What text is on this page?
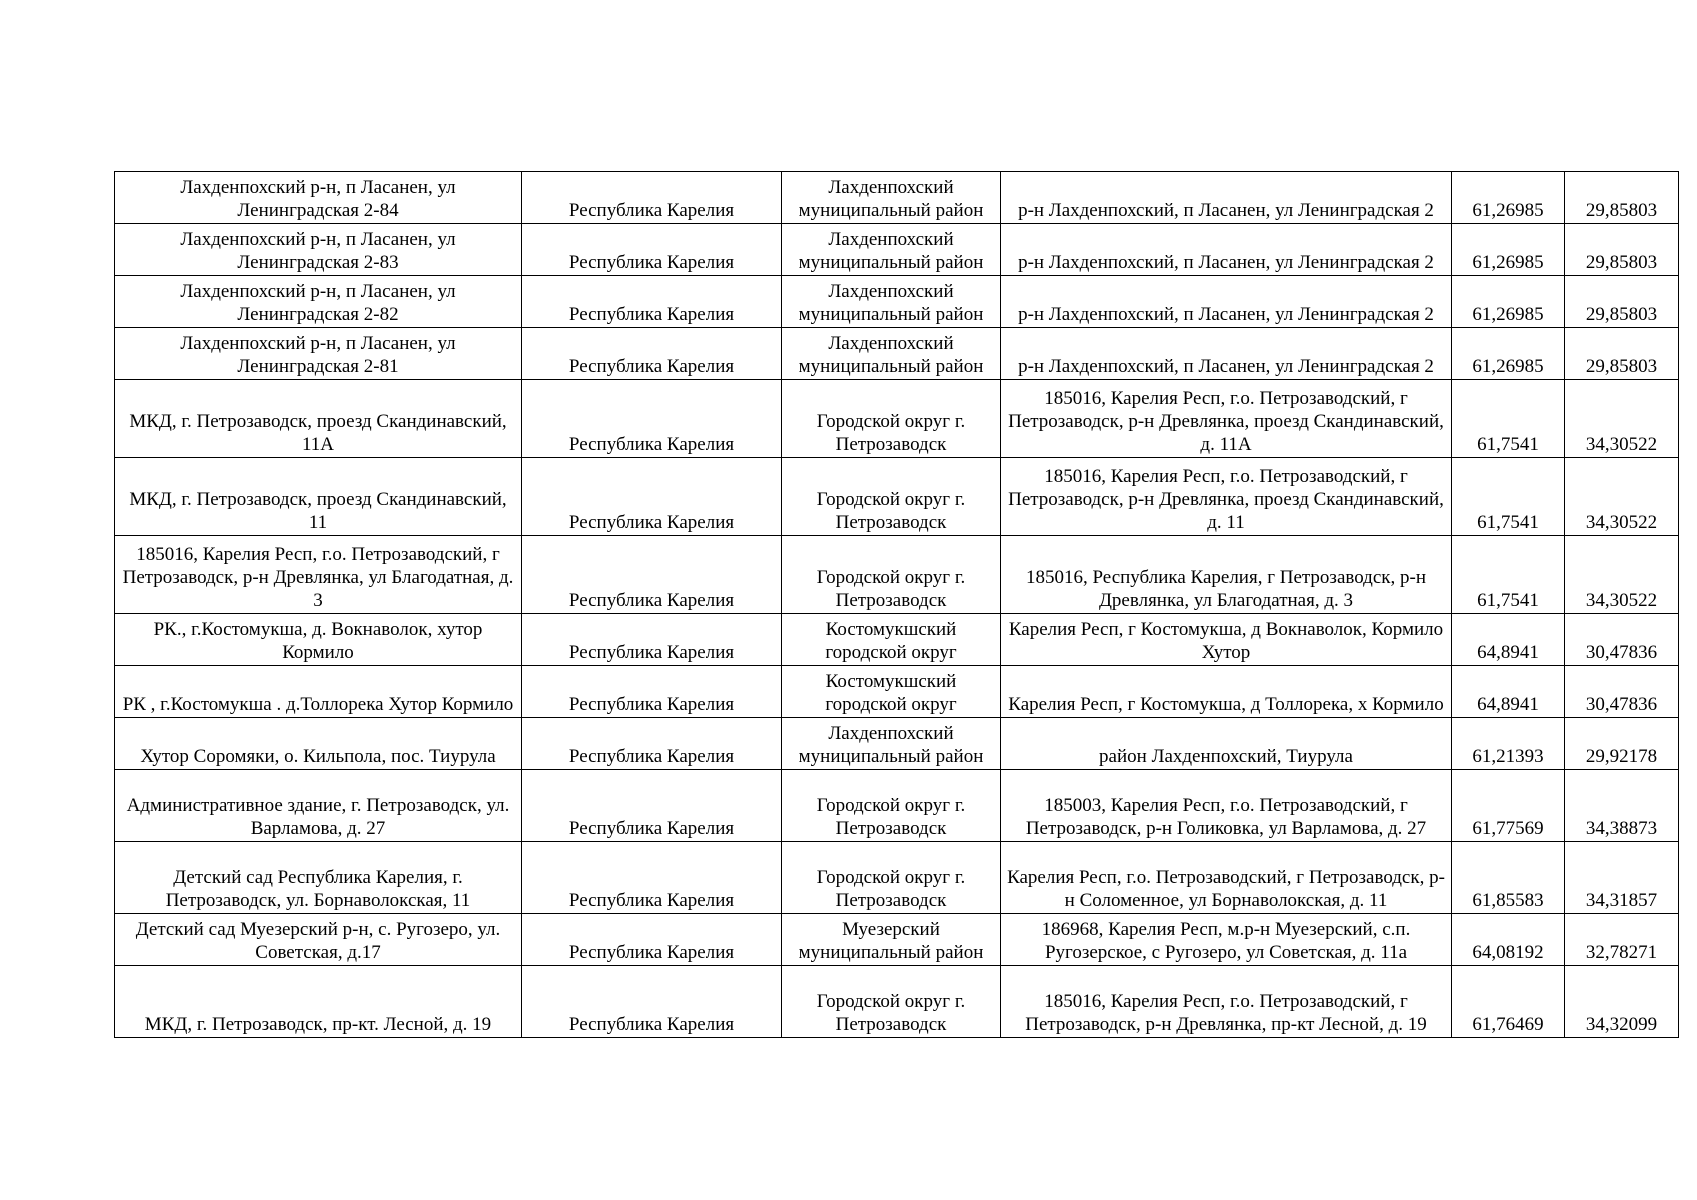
Лахденпохский р-н, п Ласанен, ул Ленинградская 2-84	Республика Карелия	Лахденпохский муниципальный район	р-н Лахденпохский, п Ласанен, ул Ленинградская 2	61,26985	29,85803
Лахденпохский р-н, п Ласанен, ул Ленинградская 2-83	Республика Карелия	Лахденпохский муниципальный район	р-н Лахденпохский, п Ласанен, ул Ленинградская 2	61,26985	29,85803
Лахденпохский р-н, п Ласанен, ул Ленинградская 2-82	Республика Карелия	Лахденпохский муниципальный район	р-н Лахденпохский, п Ласанен, ул Ленинградская 2	61,26985	29,85803
Лахденпохский р-н, п Ласанен, ул Ленинградская 2-81	Республика Карелия	Лахденпохский муниципальный район	р-н Лахденпохский, п Ласанен, ул Ленинградская 2	61,26985	29,85803
МКД, г. Петрозаводск, проезд Скандинавский, 11А	Республика Карелия	Городской округ г. Петрозаводск	185016, Карелия Респ, г.о. Петрозаводский, г Петрозаводск, р-н Древлянка, проезд Скандинавский, д. 11А	61,7541	34,30522
МКД, г. Петрозаводск, проезд Скандинавский, 11	Республика Карелия	Городской округ г. Петрозаводск	185016, Карелия Респ, г.о. Петрозаводский, г Петрозаводск, р-н Древлянка, проезд Скандинавский, д. 11	61,7541	34,30522
185016, Карелия Респ, г.о. Петрозаводский, г Петрозаводск, р-н Древлянка, ул Благодатная, д. 3	Республика Карелия	Городской округ г. Петрозаводск	185016, Республика Карелия, г Петрозаводск, р-н Древлянка, ул Благодатная, д. 3	61,7541	34,30522
РК., г.Костомукша, д. Вокнаволок, хутор Кормило	Республика Карелия	Костомукшский городской округ	Карелия Респ, г Костомукша, д Вокнаволок, Кормило Хутор	64,8941	30,47836
РК , г.Костомукша . д.Толлорека Хутор Кормило	Республика Карелия	Костомукшский городской округ	Карелия Респ, г Костомукша, д Толлорека, х Кормило	64,8941	30,47836
Хутор Соромяки, о. Кильпола, пос. Тиурула	Республика Карелия	Лахденпохский муниципальный район	район Лахденпохский, Тиурула	61,21393	29,92178
Административное здание, г. Петрозаводск, ул. Варламова, д. 27	Республика Карелия	Городской округ г. Петрозаводск	185003, Карелия Респ, г.о. Петрозаводский, г Петрозаводск, р-н Голиковка, ул Варламова, д. 27	61,77569	34,38873
Детский сад Республика Карелия, г. Петрозаводск, ул. Борнаволокская, 11	Республика Карелия	Городской округ г. Петрозаводск	Карелия Респ, г.о. Петрозаводский, г Петрозаводск, р-н Соломенное, ул Борнаволокская, д. 11	61,85583	34,31857
Детский сад Муезерский р-н, с. Ругозеро, ул. Советская, д.17	Республика Карелия	Муезерский муниципальный район	186968, Карелия Респ, м.р-н Муезерский, с.п. Ругозерское, с Ругозеро, ул Советская, д. 11а	64,08192	32,78271
МКД, г. Петрозаводск, пр-кт. Лесной, д. 19	Республика Карелия	Городской округ г. Петрозаводск	185016, Карелия Респ, г.о. Петрозаводский, г Петрозаводск, р-н Древлянка, пр-кт Лесной, д. 19	61,76469	34,32099
